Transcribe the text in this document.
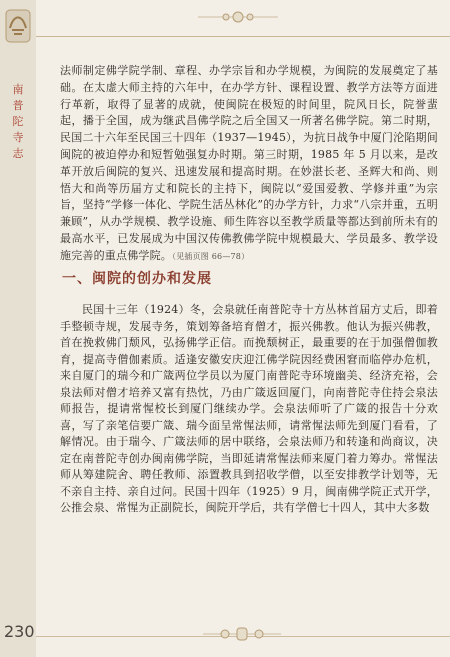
南
普
陀
寺
志

法师制定佛学院学制、章程、办学宗旨和办学规模，为闽院的发展奠定了基础。在太虚大师主持的六年中，在办学方针、课程设置、教学方法等方面进行革新，取得了显著的成就，使闽院在极短的时间里，院风日长，院誉蜚起，播于全国，成为继武昌佛学院之后全国又一所著名佛学院。第二时期，民国二十六年至民国三十四年（1937—1945），为抗日战争中厦门沦陷期间闽院的被迫停办和短暂勉强复办时期。第三时期，1985 年 5 月以来，是改革开放后闽院的复兴、迅速发展和提高时期。在妙湛长老、圣辉大和尚、则悟大和尚等历届方丈和院长的主持下，闽院以“爱国爱教、学修并重”为宗旨，坚持“学修一体化、学院生活丛林化”的办学方针，力求“八宗并重，五明兼顾”，从办学规模、教学设施、师生阵容以至教学质量等都达到前所未有的最高水平，已发展成为中国汉传佛教佛学院中规模最大、学员最多、教学设施完善的重点佛学院。（见插页图 66—78）

一、闽院的创办和发展

民国十三年（1924）冬，会泉就任南普陀寺十方丛林首届方丈后，即着手整顿寺规，发展寺务，策划筹备培育僧才，振兴佛教。他认为振兴佛教，首在挽救佛门颓风，弘扬佛学正信。而挽颓树正，最重要的在于加强僧伽教育，提高寺僧伽素质。适逢安徽安庆迎江佛学院因经费困窘而临停办危机，来自厦门的瑞今和广箴两位学员以为厦门南普陀寺环境幽美、经济充裕，会泉法师对僧才培养又富有热忱，乃由广箴返回厦门，向南普陀寺住持会泉法师报告，提请常惺校长到厦门继续办学。会泉法师听了广箴的报告十分欢喜，写了亲笔信要广箴、瑞今面呈常惺法师，请常惺法师先到厦门看看，了解情况。由于瑞今、广箴法师的居中联络，会泉法师乃和转逢和尚商议，决定在南普陀寺创办闽南佛学院，当即延请常惺法师来厦门着力筹办。常惺法师从筹建院舍、聘任教师、添置教具到招收学僧，以至安排教学计划等，无不亲自主持、亲自过问。民国十四年（1925）9 月，闽南佛学院正式开学，公推会泉、常惺为正副院长，闽院开学后，共有学僧七十四人，其中大多数

230
